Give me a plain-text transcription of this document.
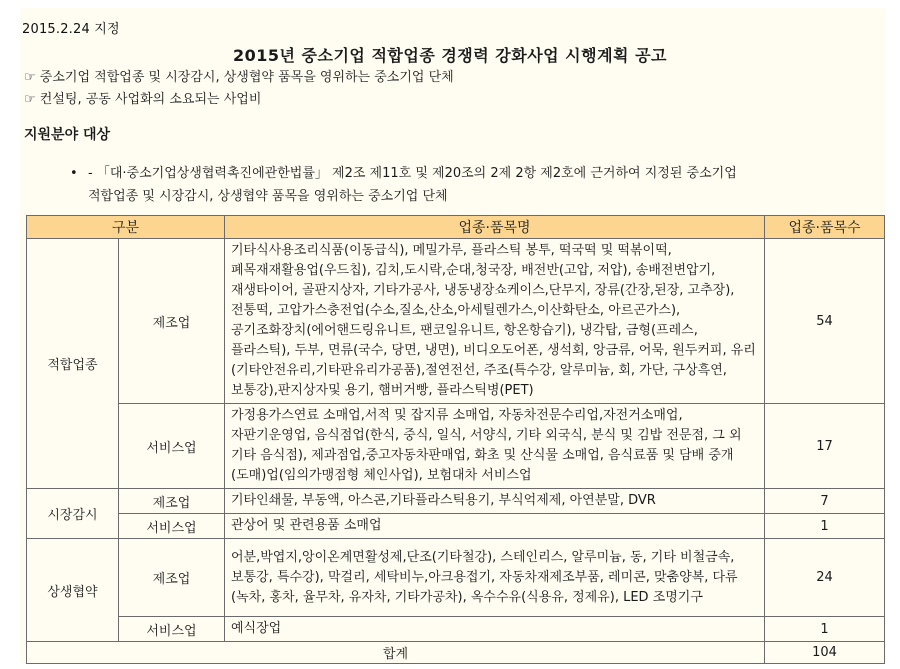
2015.2.24 지정
2015년 중소기업 적합업종 경쟁력 강화사업 시행계획 공고
☞ 중소기업 적합업종 및 시장감시, 상생협약 품목을 영위하는 중소기업 단체
☞ 컨설팅, 공동 사업화의 소요되는 사업비
지원분야 대상
• - 「대·중소기업상생협력촉진에관한법률」 제2조 제11호 및 제20조의 2제 2항 제2호에 근거하여 지정된 중소기업
적합업종 및 시장감시, 상생협약 품목을 영위하는 중소기업 단체
구분		업종·품목명	업종·품목수
적합업종	제조업	기타식사용조리식품(이동급식), 메밀가루, 플라스틱 봉투, 떡국떡 및 떡볶이떡, 폐목재재활용업(우드칩), 김치,도시락,순대,청국장, 배전반(고압, 저압), 송배전변압기, 재생타이어, 골판지상자, 기타가공사, 냉동냉장쇼케이스,단무지, 장류(간장,된장, 고추장), 전통떡, 고압가스충전업(수소,질소,산소,아세틸렌가스,이산화탄소, 아르곤가스), 공기조화장치(에어핸드링유니트, 팬코일유니트, 항온항습기), 냉각탑, 금형(프레스, 플라스틱), 두부, 면류(국수, 당면, 냉면), 비디오도어폰, 생석회, 앙금류, 어묵, 원두커피, 유리(기타안전유리,기타판유리가공품),절연전선, 주조(특수강, 알루미늄, 회, 가단, 구상흑연,보통강),판지상자및 용기, 햄버거빵, 플라스틱병(PET)	54
	서비스업	가정용가스연료 소매업,서적 및 잡지류 소매업, 자동차전문수리업,자전거소매업, 자판기운영업, 음식점업(한식, 중식, 일식, 서양식, 기타 외국식, 분식 및 김밥 전문점, 그 외 기타 음식점), 제과점업,중고자동차판매업, 화초 및 산식물 소매업, 음식료품 및 담배 중개(도매)업(임의가맹점형 체인사업), 보험대차 서비스업	17
시장감시	제조업	기타인쇄물, 부동액, 아스콘,기타플라스틱용기, 부식억제제, 아연분말, DVR	7
	서비스업	관상어 및 관련용품 소매업	1
상생협약	제조업	어분,박엽지,앙이온계면활성제,단조(기타철강), 스테인리스, 알루미늄, 동, 기타 비철금속, 보통강, 특수강), 막걸리, 세탁비누,아크용접기, 자동차재제조부품, 레미콘, 맞춤양복, 다류(녹차, 홍차, 율무차, 유자차, 기타가공차), 옥수수유(식용유, 정제유), LED 조명기구	24
	서비스업	예식장업	1
합계			104
